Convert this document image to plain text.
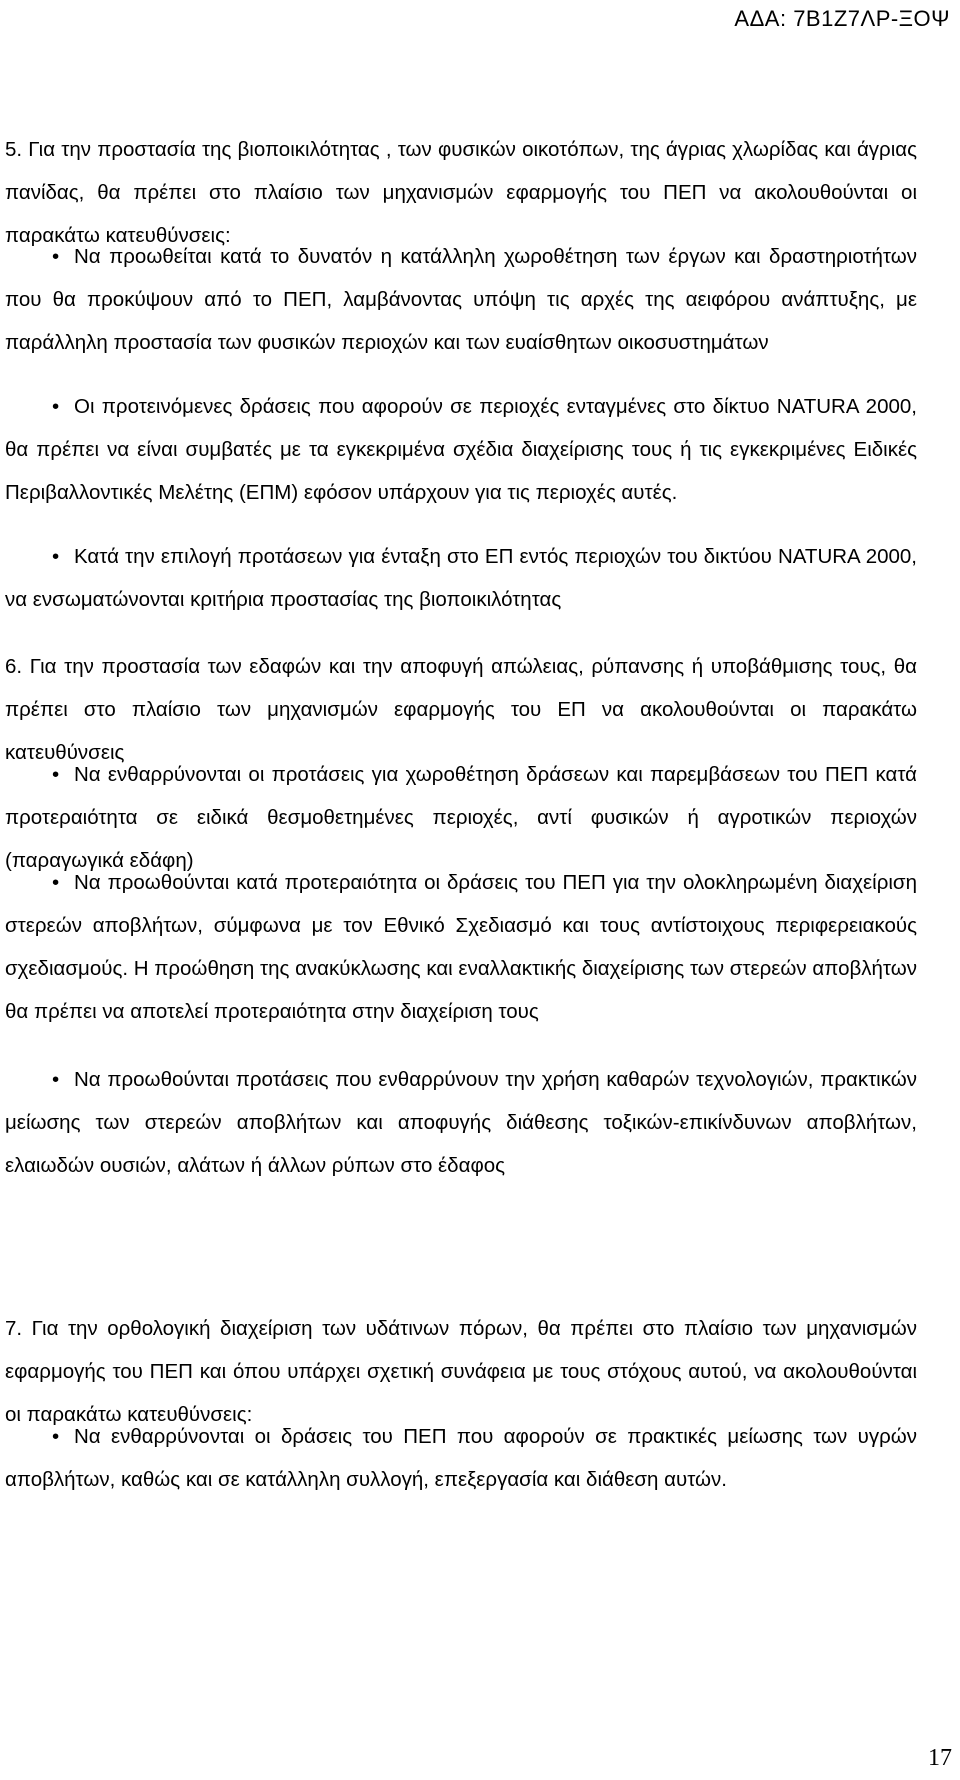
ΑΔΑ: 7Β1Ζ7ΛΡ-ΞΟΨ

5. Για την προστασία της βιοποικιλότητας , των φυσικών οικοτόπων, της άγριας χλωρίδας και άγριας πανίδας, θα πρέπει στο πλαίσιο των μηχανισμών εφαρμογής του ΠΕΠ να ακολουθούνται οι παρακάτω κατευθύνσεις:

• Να προωθείται κατά το δυνατόν η κατάλληλη χωροθέτηση των έργων και δραστηριοτήτων που θα προκύψουν από το ΠΕΠ, λαμβάνοντας υπόψη τις αρχές της αειφόρου ανάπτυξης, με παράλληλη προστασία των φυσικών περιοχών και των ευαίσθητων οικοσυστημάτων

• Οι προτεινόμενες δράσεις που αφορούν σε περιοχές ενταγμένες στο δίκτυο NATURA 2000, θα πρέπει να είναι συμβατές με τα εγκεκριμένα σχέδια διαχείρισης τους ή τις εγκεκριμένες Ειδικές Περιβαλλοντικές Μελέτης (ΕΠΜ) εφόσον υπάρχουν για τις περιοχές αυτές.

• Κατά την επιλογή προτάσεων για ένταξη στο ΕΠ εντός περιοχών του δικτύου NATURA 2000, να ενσωματώνονται κριτήρια προστασίας της βιοποικιλότητας

6. Για την προστασία των εδαφών και την αποφυγή απώλειας, ρύπανσης ή υποβάθμισης τους, θα πρέπει στο πλαίσιο των μηχανισμών εφαρμογής του ΕΠ να ακολουθούνται οι παρακάτω κατευθύνσεις

• Να ενθαρρύνονται οι προτάσεις για χωροθέτηση δράσεων και παρεμβάσεων του ΠΕΠ κατά προτεραιότητα σε ειδικά θεσμοθετημένες περιοχές, αντί φυσικών ή αγροτικών περιοχών (παραγωγικά εδάφη)

• Να προωθούνται κατά προτεραιότητα οι δράσεις του ΠΕΠ για την ολοκληρωμένη διαχείριση στερεών αποβλήτων, σύμφωνα με τον Εθνικό Σχεδιασμό και τους αντίστοιχους περιφερειακούς σχεδιασμούς. Η προώθηση της ανακύκλωσης και εναλλακτικής διαχείρισης των στερεών αποβλήτων θα πρέπει να αποτελεί προτεραιότητα στην διαχείριση τους

• Να προωθούνται προτάσεις που ενθαρρύνουν την χρήση καθαρών τεχνολογιών, πρακτικών μείωσης των στερεών αποβλήτων και αποφυγής διάθεσης τοξικών-επικίνδυνων αποβλήτων, ελαιωδών ουσιών, αλάτων ή άλλων ρύπων στο έδαφος

7. Για την ορθολογική διαχείριση των υδάτινων πόρων, θα πρέπει στο πλαίσιο των μηχανισμών εφαρμογής του ΠΕΠ και όπου υπάρχει σχετική συνάφεια με τους στόχους αυτού, να ακολουθούνται οι παρακάτω κατευθύνσεις:

• Να ενθαρρύνονται οι δράσεις του ΠΕΠ που αφορούν σε πρακτικές μείωσης των υγρών αποβλήτων, καθώς και σε κατάλληλη συλλογή, επεξεργασία και διάθεση αυτών.

17
